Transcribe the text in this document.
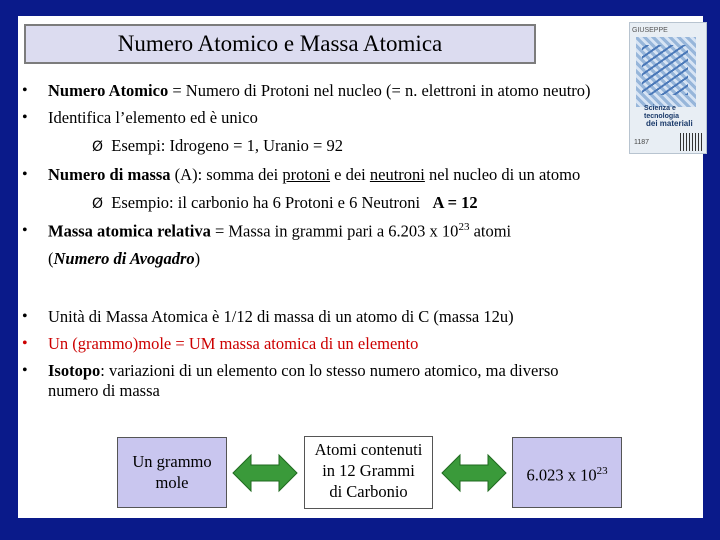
Numero Atomico e Massa Atomica
GIUSEPPE
Scienza e tecnologia
dei materiali
1187
• Numero Atomico = Numero di Protoni nel nucleo (= n. elettroni in atomo neutro)
• Identifica l’elemento ed è unico
Ø Esempi: Idrogeno = 1, Uranio = 92
• Numero di massa (A): somma dei protoni e dei neutroni nel nucleo di un atomo
Ø Esempio: il carbonio ha 6 Protoni e 6 Neutroni A = 12
• Massa atomica relativa = Massa in grammi pari a 6.203 x $10^{23}$ atomi
(Numero di Avogadro)
• Unità di Massa Atomica è 1/12 di massa di un atomo di C (massa 12u)
• Un (grammo)mole = UM massa atomica di un elemento
• Isotopo: variazioni di un elemento con lo stesso numero atomico, ma diverso
numero di massa
Un grammo
mole
Atomi contenuti
in 12 Grammi
di Carbonio
6.023 x $10^{23}$
